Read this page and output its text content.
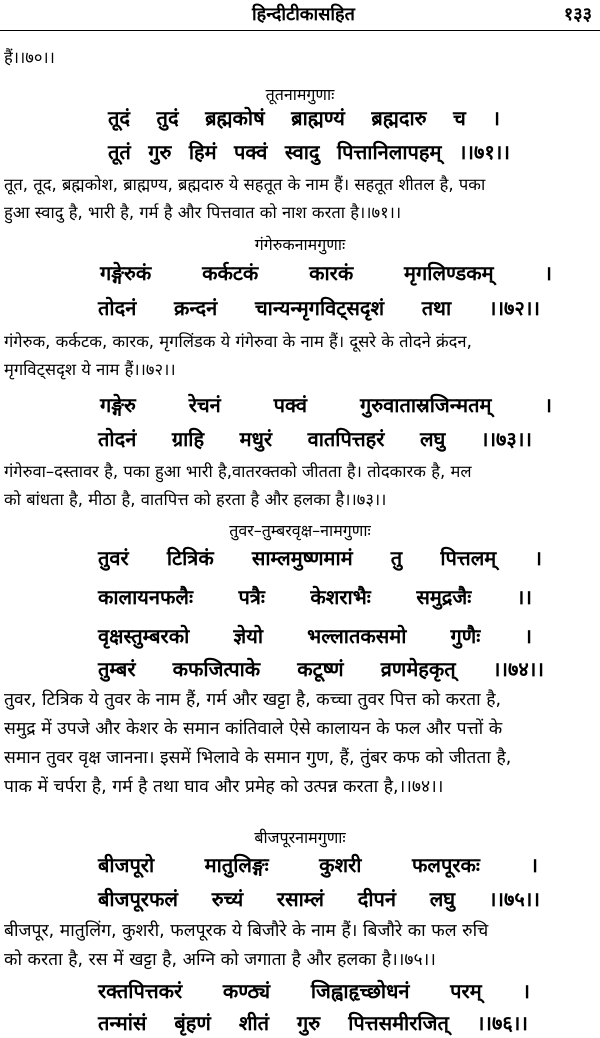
हिन्दीटीकासहित	१३३
हैं।।७०।।
तूतनामगुणाः
तूदं तुदं ब्रह्मकोषं ब्राह्मण्यं ब्रह्मदारु च ।
तूतं गुरु हिमं पक्वं स्वादु पित्तानिलापहम् ।।७१।।
तूत, तूद, ब्रह्मकोश, ब्राह्मण्य, ब्रह्मदारु ये सहतूत के नाम हैं। सहतूत शीतल है, पका
हुआ स्वादु है, भारी है, गर्म है और पित्तवात को नाश करता है।।७१।।
गंगेरुकनामगुणाः
गङ्गेरुकं	कर्कटकं	कारकं	मृगलिण्डकम्	।
तोदनं क्रन्दनं चान्यन्मृगविट्सदृशं तथा ।।७२।।
गंगेरुक, कर्कटक, कारक, मृगलिंडक ये गंगेरुवा के नाम हैं। दूसरे के तोदने क्रंदन,
मृगविट्सदृश ये नाम हैं।।७२।।
गङ्गेरु	रेचनं	पक्वं	गुरुवातास्रजिन्मतम्	।
तोदनं ग्राहि मधुरं वातपित्तहरं लघु ।।७३।।
गंगेरुवा–दस्तावर है, पका हुआ भारी है,वातरक्तको जीतता है। तोदकारक है, मल
को बांधता है, मीठा है, वातपित्त को हरता है और हलका है।।७३।।
तुवर–तुम्बरवृक्ष–नामगुणाः
तुवरं टित्रिकं साम्लमुष्णमामं तु पित्तलम् ।
कालायनफलैः पत्रैः केशराभैः समुद्रजैः ।।
वृक्षस्तुम्बरको ज्ञेयो भल्लातकसमो गुणैः ।
तुम्बरं कफजित्पाके कटूष्णं व्रणमेहकृत् ।।७४।।
तुवर, टित्रिक ये तुवर के नाम हैं, गर्म और खट्टा है, कच्चा तुवर पित्त को करता है,
समुद्र में उपजे और केशर के समान कांतिवाले ऐसे कालायन के फल और पत्तों के
समान तुवर वृक्ष जानना। इसमें भिलावे के समान गुण, हैं, तुंबर कफ को जीतता है,
पाक में चर्परा है, गर्म है तथा घाव और प्रमेह को उत्पन्न करता है,।।७४।।
बीजपूरनामगुणाः
बीजपूरो	मातुलिङ्गः	कुशरी	फलपूरकः	।
बीजपूरफलं रुच्यं रसाम्लं दीपनं लघु ।।७५।।
बीजपूर, मातुलिंग, कुशरी, फलपूरक ये बिजौरे के नाम हैं। बिजौरे का फल रुचि
को करता है, रस में खट्टा है, अग्नि को जगाता है और हलका है।।७५।।
रक्तपित्तकरं कण्ठ्यं जिह्वाहृच्छोधनं परम् ।
तन्मांसं बृंहणं शीतं गुरु पित्तसमीरजित् ।।७६।।
